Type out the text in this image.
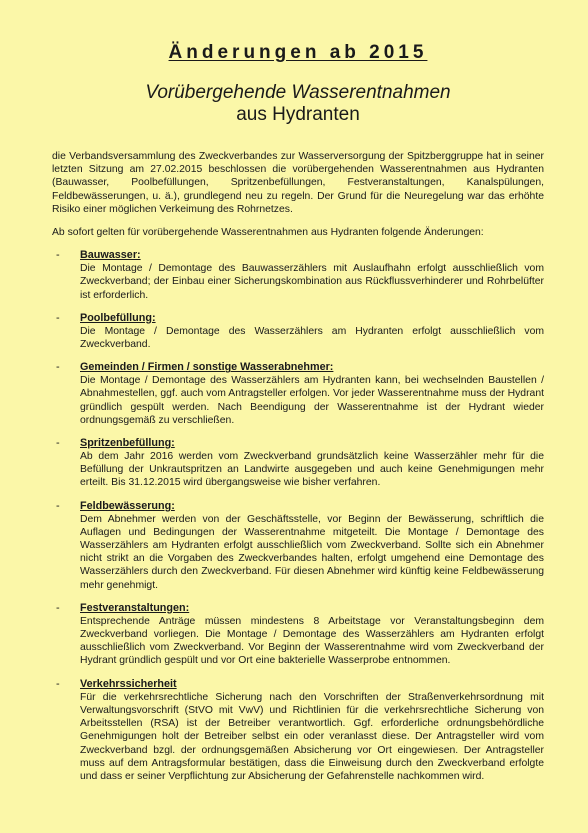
Änderungen ab 2015
Vorübergehende Wasserentnahmen
aus Hydranten

die Verbandsversammlung des Zweckverbandes zur Wasserversorgung der Spitzberggruppe hat in seiner letzten Sitzung am 27.02.2015 beschlossen die vorübergehenden Wasserentnahmen aus Hydranten (Bauwasser, Poolbefüllungen, Spritzenbefüllungen, Festveranstaltungen, Kanalspülungen, Feldbewässerungen, u. ä.), grundlegend neu zu regeln. Der Grund für die Neuregelung war das erhöhte Risiko einer möglichen Verkeimung des Rohrnetzes.

Ab sofort gelten für vorübergehende Wasserentnahmen aus Hydranten folgende Änderungen:

- Bauwasser:

Die Montage / Demontage des Bauwasserzählers mit Auslaufhahn erfolgt ausschließlich vom Zweckverband; der Einbau einer Sicherungskombination aus Rückflussverhinderer und Rohrbelüfter ist erforderlich.

- Poolbefüllung:

Die Montage / Demontage des Wasserzählers am Hydranten erfolgt ausschließlich vom Zweckverband.

- Gemeinden / Firmen / sonstige Wasserabnehmer:

Die Montage / Demontage des Wasserzählers am Hydranten kann, bei wechselnden Baustellen / Abnahmestellen, ggf. auch vom Antragsteller erfolgen. Vor jeder Wasserentnahme muss der Hydrant gründlich gespült werden. Nach Beendigung der Wasserentnahme ist der Hydrant wieder ordnungsgemäß zu verschließen.

- Spritzenbefüllung:

Ab dem Jahr 2016 werden vom Zweckverband grundsätzlich keine Wasserzähler mehr für die Befüllung der Unkrautspritzen an Landwirte ausgegeben und auch keine Genehmigungen mehr erteilt. Bis 31.12.2015 wird übergangsweise wie bisher verfahren.

- Feldbewässerung:

Dem Abnehmer werden von der Geschäftsstelle, vor Beginn der Bewässerung, schriftlich die Auflagen und Bedingungen der Wasserentnahme mitgeteilt. Die Montage / Demontage des Wasserzählers am Hydranten erfolgt ausschließlich vom Zweckverband. Sollte sich ein Abnehmer nicht strikt an die Vorgaben des Zweckverbandes halten, erfolgt umgehend eine Demontage des Wasserzählers durch den Zweckverband. Für diesen Abnehmer wird künftig keine Feldbewässerung mehr genehmigt.

- Festveranstaltungen:

Entsprechende Anträge müssen mindestens 8 Arbeitstage vor Veranstaltungsbeginn dem Zweckverband vorliegen. Die Montage / Demontage des Wasserzählers am Hydranten erfolgt ausschließlich vom Zweckverband. Vor Beginn der Wasserentnahme wird vom Zweckverband der Hydrant gründlich gespült und vor Ort eine bakterielle Wasserprobe entnommen.

- Verkehrssicherheit

Für die verkehrsrechtliche Sicherung nach den Vorschriften der Straßenverkehrsordnung mit Verwaltungsvorschrift (StVO mit VwV) und Richtlinien für die verkehrsrechtliche Sicherung von Arbeitsstellen (RSA) ist der Betreiber verantwortlich. Ggf. erforderliche ordnungsbehördliche Genehmigungen holt der Betreiber selbst ein oder veranlasst diese. Der Antragsteller wird vom Zweckverband bzgl. der ordnungsgemäßen Absicherung vor Ort eingewiesen. Der Antragsteller muss auf dem Antragsformular bestätigen, dass die Einweisung durch den Zweckverband erfolgte und dass er seiner Verpflichtung zur Absicherung der Gefahrenstelle nachkommen wird.
